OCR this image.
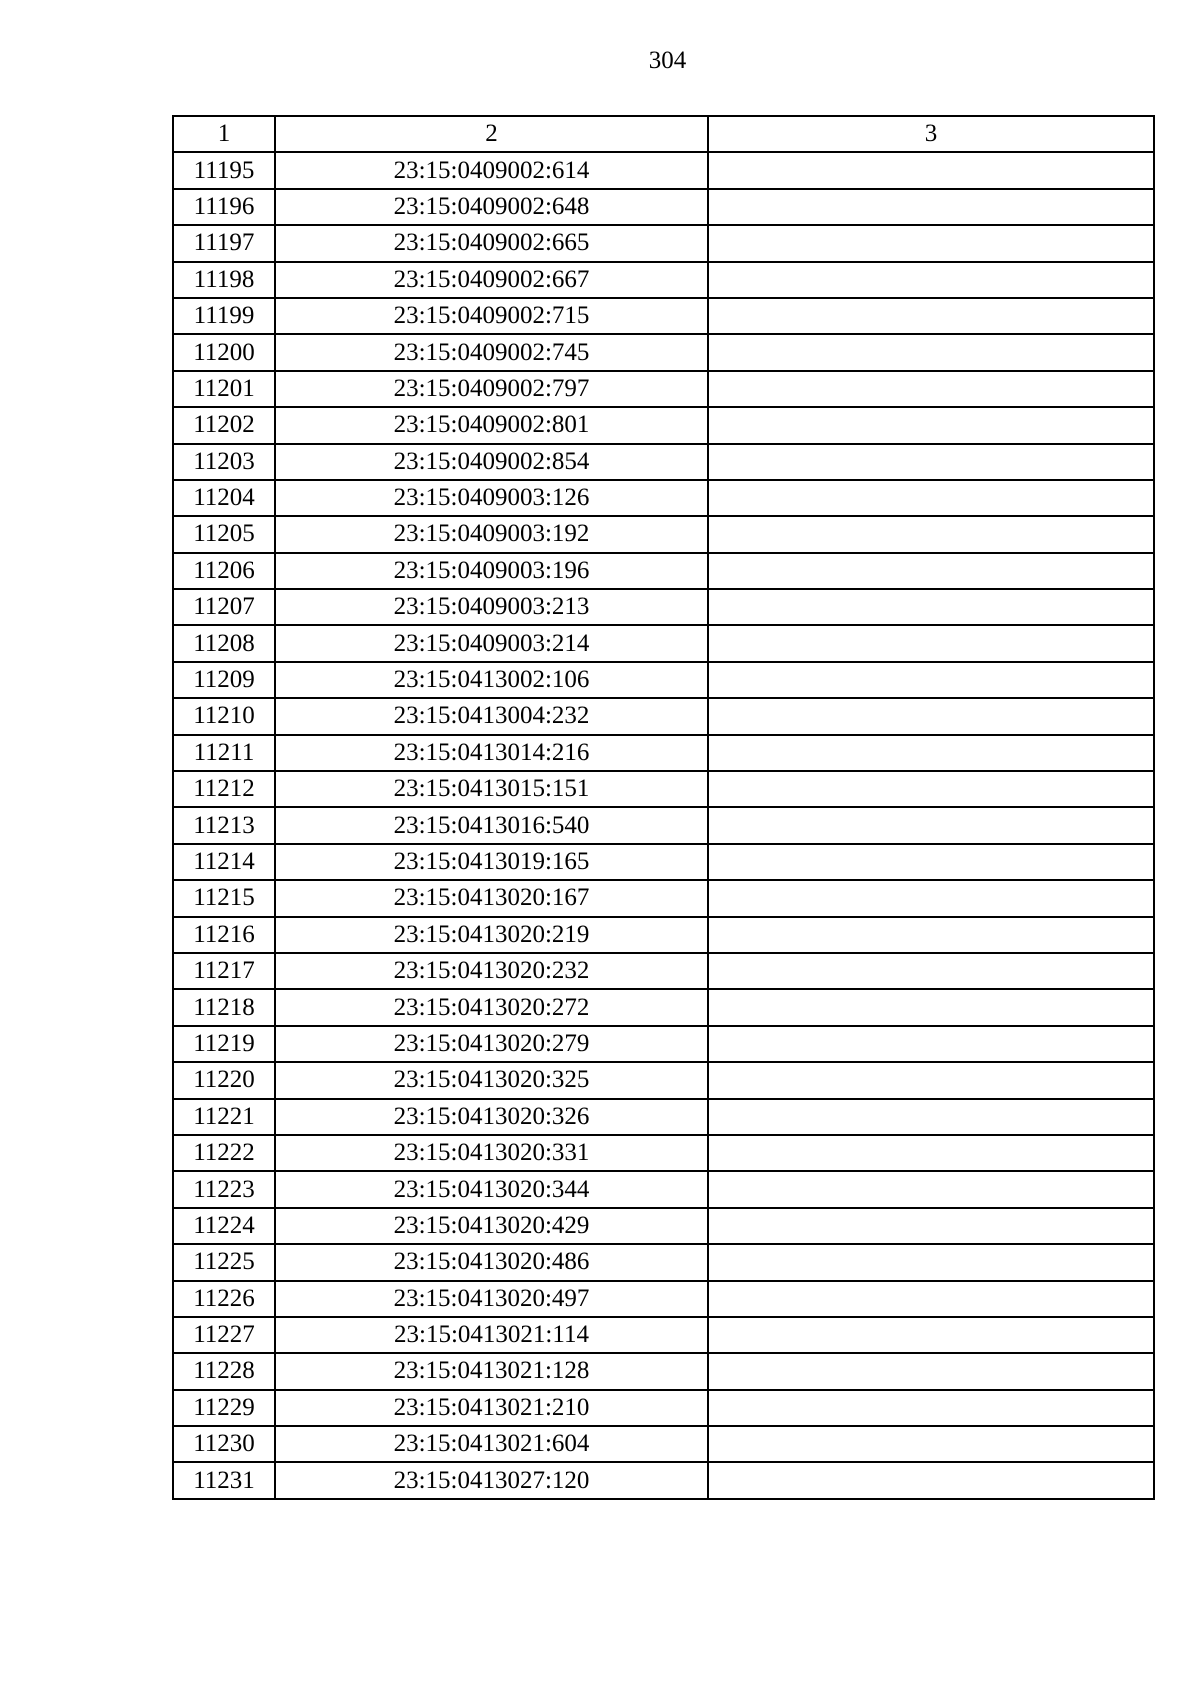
304
1	2	3
11195	23:15:0409002:614	
11196	23:15:0409002:648	
11197	23:15:0409002:665	
11198	23:15:0409002:667	
11199	23:15:0409002:715	
11200	23:15:0409002:745	
11201	23:15:0409002:797	
11202	23:15:0409002:801	
11203	23:15:0409002:854	
11204	23:15:0409003:126	
11205	23:15:0409003:192	
11206	23:15:0409003:196	
11207	23:15:0409003:213	
11208	23:15:0409003:214	
11209	23:15:0413002:106	
11210	23:15:0413004:232	
11211	23:15:0413014:216	
11212	23:15:0413015:151	
11213	23:15:0413016:540	
11214	23:15:0413019:165	
11215	23:15:0413020:167	
11216	23:15:0413020:219	
11217	23:15:0413020:232	
11218	23:15:0413020:272	
11219	23:15:0413020:279	
11220	23:15:0413020:325	
11221	23:15:0413020:326	
11222	23:15:0413020:331	
11223	23:15:0413020:344	
11224	23:15:0413020:429	
11225	23:15:0413020:486	
11226	23:15:0413020:497	
11227	23:15:0413021:114	
11228	23:15:0413021:128	
11229	23:15:0413021:210	
11230	23:15:0413021:604	
11231	23:15:0413027:120	
